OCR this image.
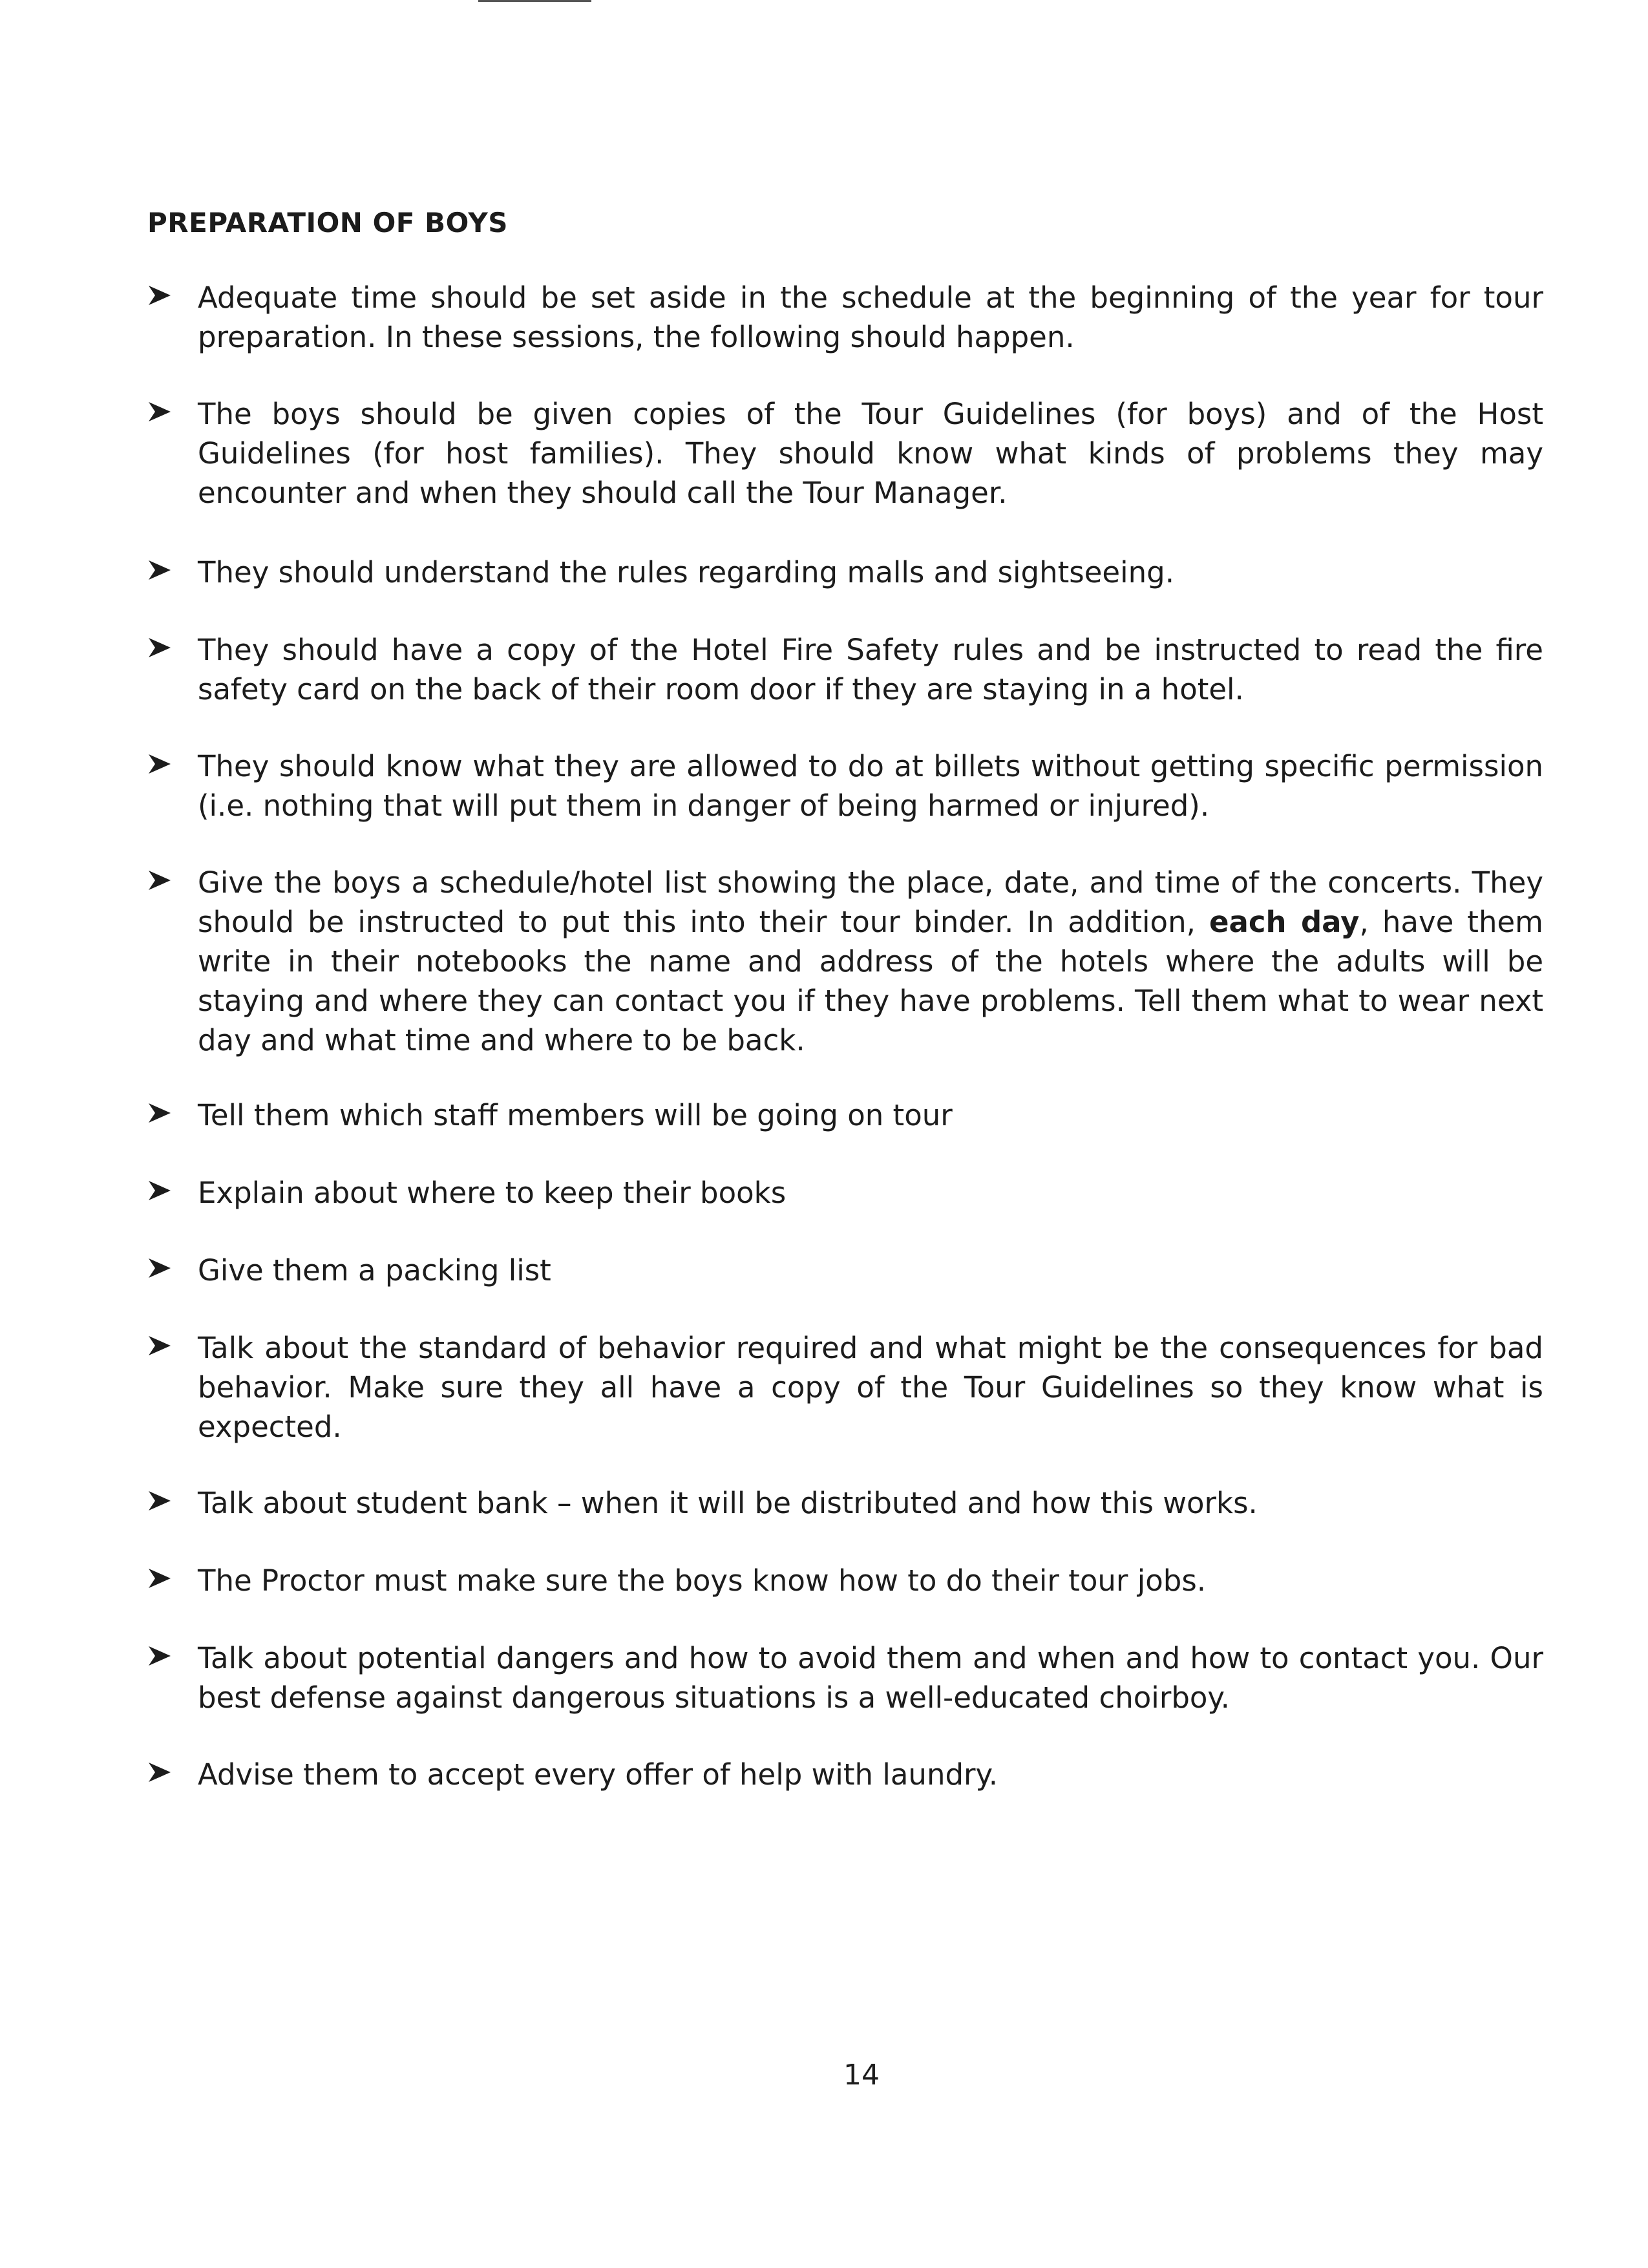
PREPARATION OF BOYS
Adequate time should be set aside in the schedule at the beginning of the year for tour preparation. In these sessions, the following should happen.
The boys should be given copies of the Tour Guidelines (for boys) and of the Host Guidelines (for host families). They should know what kinds of problems they may encounter and when they should call the Tour Manager.
They should understand the rules regarding malls and sightseeing.
They should have a copy of the Hotel Fire Safety rules and be instructed to read the fire safety card on the back of their room door if they are staying in a hotel.
They should know what they are allowed to do at billets without getting specific permission (i.e. nothing that will put them in danger of being harmed or injured).
Give the boys a schedule/hotel list showing the place, date, and time of the concerts. They should be instructed to put this into their tour binder. In addition, each day, have them write in their notebooks the name and address of the hotels where the adults will be staying and where they can contact you if they have problems. Tell them what to wear next day and what time and where to be back.
Tell them which staff members will be going on tour
Explain about where to keep their books
Give them a packing list
Talk about the standard of behavior required and what might be the consequences for bad behavior. Make sure they all have a copy of the Tour Guidelines so they know what is expected.
Talk about student bank – when it will be distributed and how this works.
The Proctor must make sure the boys know how to do their tour jobs.
Talk about potential dangers and how to avoid them and when and how to contact you. Our best defense against dangerous situations is a well-educated choirboy.
Advise them to accept every offer of help with laundry.
14
